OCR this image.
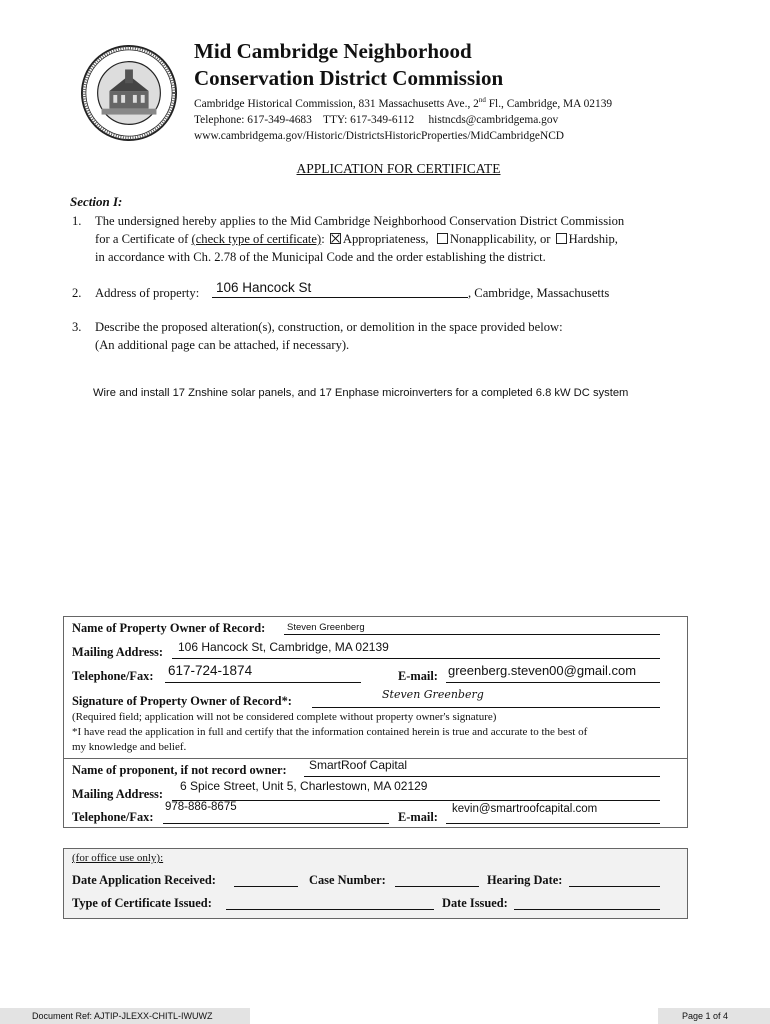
Mid Cambridge Neighborhood
Conservation District Commission
Cambridge Historical Commission, 831 Massachusetts Ave., 2nd Fl., Cambridge, MA 02139
Telephone: 617-349-4683    TTY: 617-349-6112     histncds@cambridgema.gov
www.cambridgema.gov/Historic/DistrictsHistoricProperties/MidCambridgeNCD
APPLICATION FOR CERTIFICATE
Section I:
1. The undersigned hereby applies to the Mid Cambridge Neighborhood Conservation District Commission
for a Certificate of (check type of certificate): Appropriateness, Nonapplicability, or Hardship,
in accordance with Ch. 2.78 of the Municipal Code and the order establishing the district.
2. Address of property: 106 Hancock St	, Cambridge, Massachusetts
3. Describe the proposed alteration(s), construction, or demolition in the space provided below:
(An additional page can be attached, if necessary).
Wire and install 17 Znshine solar panels, and 17 Enphase microinverters for a completed 6.8 kW DC system
Name of Property Owner of Record: Steven Greenberg
Mailing Address: 106 Hancock St, Cambridge, MA 02139
Telephone/Fax: 617-724-1874	E-mail: greenberg.steven00@gmail.com
Signature of Property Owner of Record*:	Steven Greenberg
(Required field; application will not be considered complete without property owner's signature)
*I have read the application in full and certify that the information contained herein is true and accurate to the best of
my knowledge and belief.
Name of proponent, if not record owner: SmartRoof Capital
Mailing Address:
6 Spice Street, Unit 5, Charlestown, MA 02129
Telephone/Fax:
978-886-8675
E-mail:
kevin@smartroofcapital.com
(for office use only):
Date Application Received:	Case Number:	Hearing Date:
Type of Certificate Issued:	Date Issued:
Document Ref: AJTIP-JLEXX-CHITL-IWUWZ	Page 1 of 4
